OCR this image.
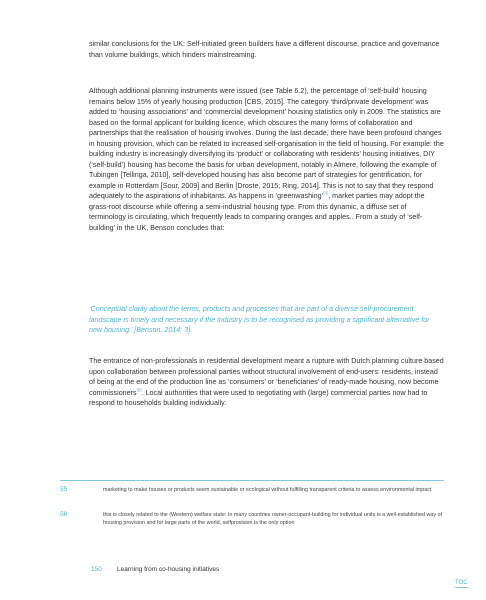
similar conclusions for the UK: Self-initiated green builders have a different discourse, practice and governance than volume buildings, which hinders mainstreaming.

Although additional planning instruments were issued (see Table 6.2), the percentage of ‘self-build’ housing remains below 15% of yearly housing production [CBS, 2015]. The category ‘third/private development’ was added to ‘housing associations’ and ‘commercial development’ housing statistics only in 2009. The statistics are based on the formal applicant for building licence, which obscures the many forms of collaboration and partnerships that the realisation of housing involves. During the last decade, there have been profound changes in housing provision, which can be related to increased self-organisation in the field of housing. For example: the building industry is increasingly diversifying its ‘product’ or collaborating with residents’ housing initiatives, DIY (‘self-build’) housing has become the basis for urban development, notably in Almere, following the example of Tubingen [Tellinga, 2010], self-developed housing has also become part of strategies for gentrification, for example in Rotterdam [Sour, 2009] and Berlin [Droste, 2015; Ring, 2014]. This is not to say that they respond adequately to the aspirations of inhabitants. As happens in ‘greenwashing’$^{55}$, market parties may adopt the grass-root discourse while offering a semi-industrial housing type. From this dynamic, a diffuse set of terminology is circulating, which frequently leads to comparing oranges and apples.. From a study of ‘self-building’ in the UK, Benson concludes that:

‘Conceptual clarity about the terms, products and processes that are part of a diverse self-procurement landscape is timely and necessary if the industry is to be recognised as providing a significant alternative for new housing.’ [Benson, 2014: 3].

The entrance of non-professionals in residential development meant a rupture with Dutch planning culture based upon collaboration between professional parties without structural involvement of end-users: residents, instead of being at the end of the production line as ‘consumers’ or ‘beneficiaries’ of ready-made housing, now become commissioners$^{56}$. Local authorities that were used to negotiating with (large) commercial parties now had to respond to households building individually.

55	marketing to make houses or products seem sustainable or ecological without fulfilling transparent criteria to assess environmental impact
56	this is closely related to the (Western) welfare state: In many countries owner-occupant-building for individual units is a well-established way of housing provision and for large parts of the world, selfprovision is the only option
150 Learning from co-housing initiatives
TOC
